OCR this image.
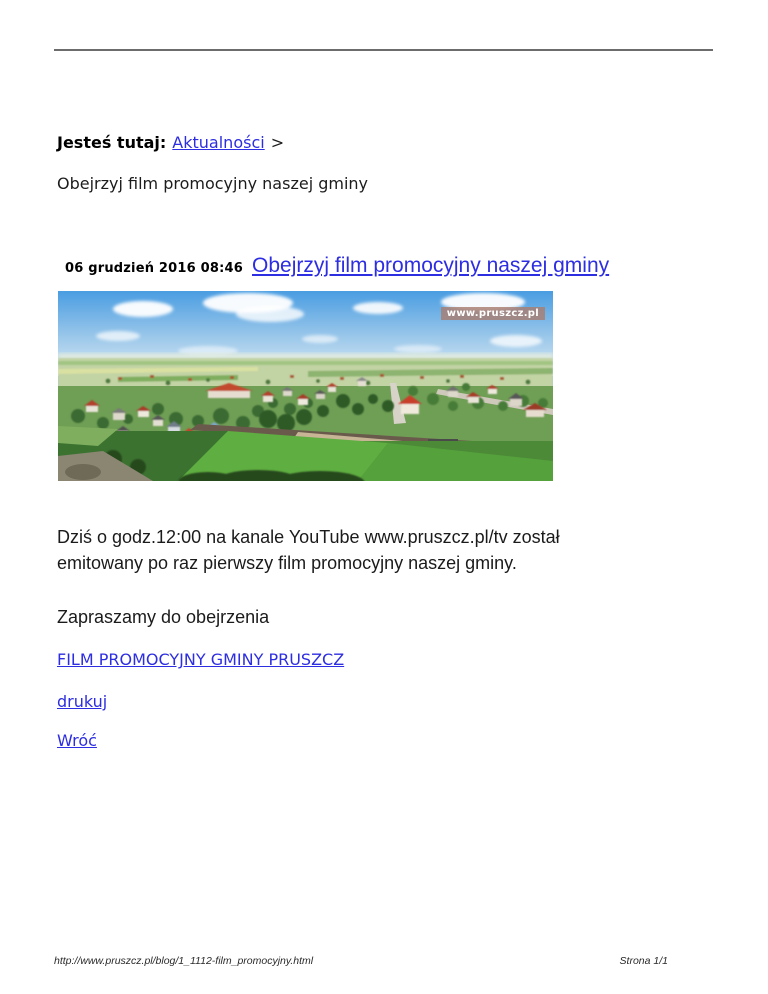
Jesteś tutaj: Aktualności >

Obejrzyj film promocyjny naszej gminy

06 grudzień 2016 08:46 Obejrzyj film promocyjny naszej gminy
www.pruszcz.pl
Dziś o godz.12:00 na kanale YouTube www.pruszcz.pl/tv został
emitowany po raz pierwszy film promocyjny naszej gminy.

Zapraszamy do obejrzenia

FILM PROMOCYJNY GMINY PRUSZCZ
drukuj
Wróć
http://www.pruszcz.pl/blog/1_1112-film_promocyjny.html	Strona 1/1
